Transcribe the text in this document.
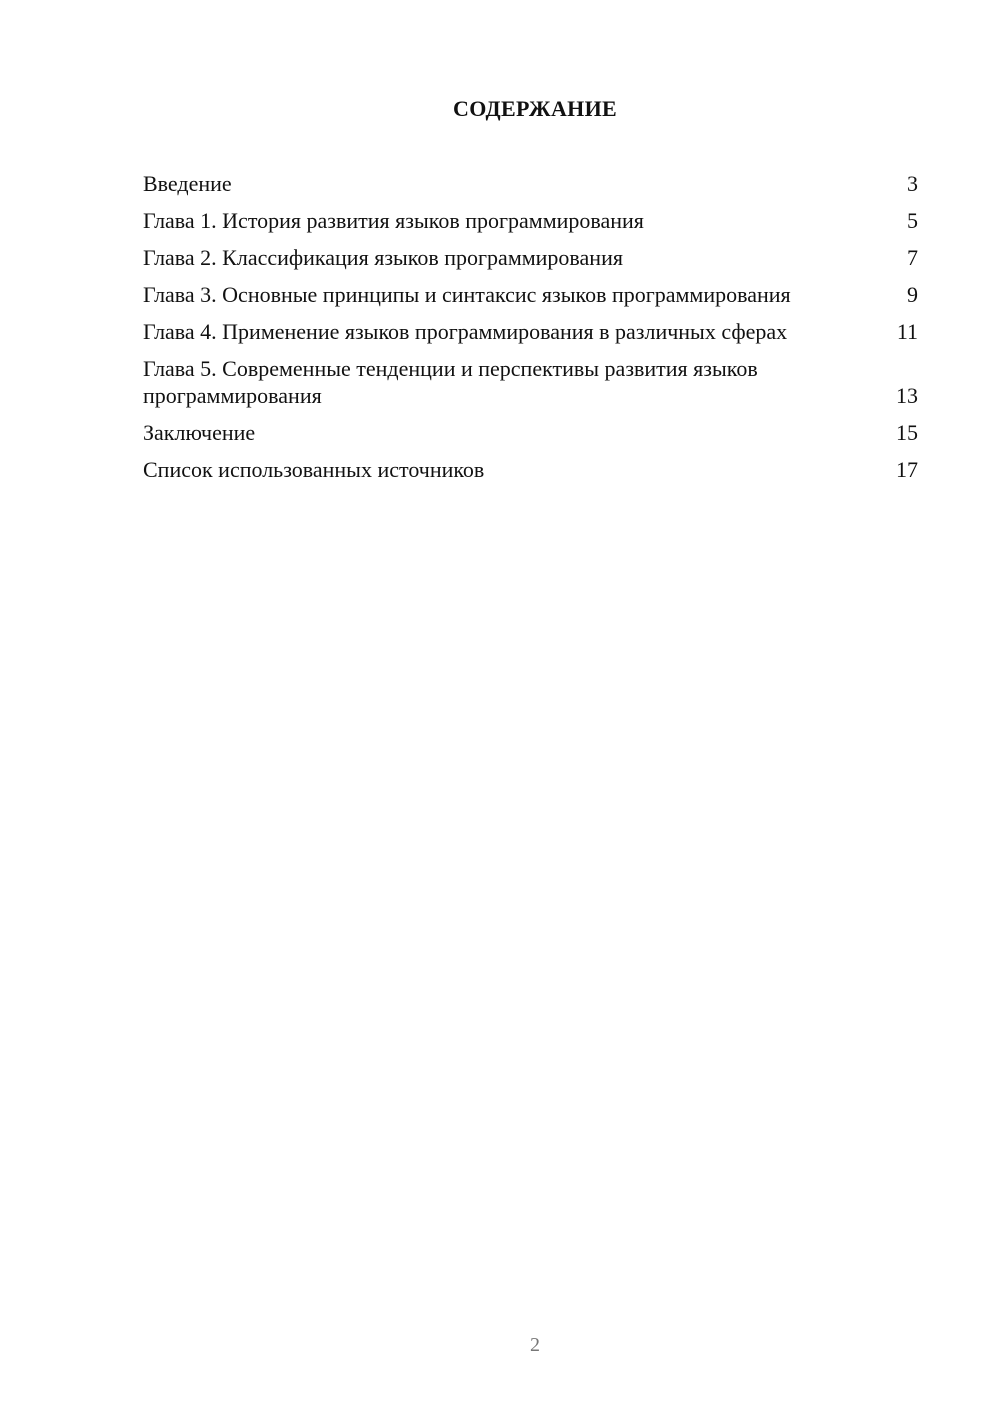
СОДЕРЖАНИЕ
Введение	3
Глава 1. История развития языков программирования	5
Глава 2. Классификация языков программирования	7
Глава 3. Основные принципы и синтаксис языков программирования	9
Глава 4. Применение языков программирования в различных сферах	11
Глава 5. Современные тенденции и перспективы развития языков программирования	13
Заключение	15
Список использованных источников	17
2
